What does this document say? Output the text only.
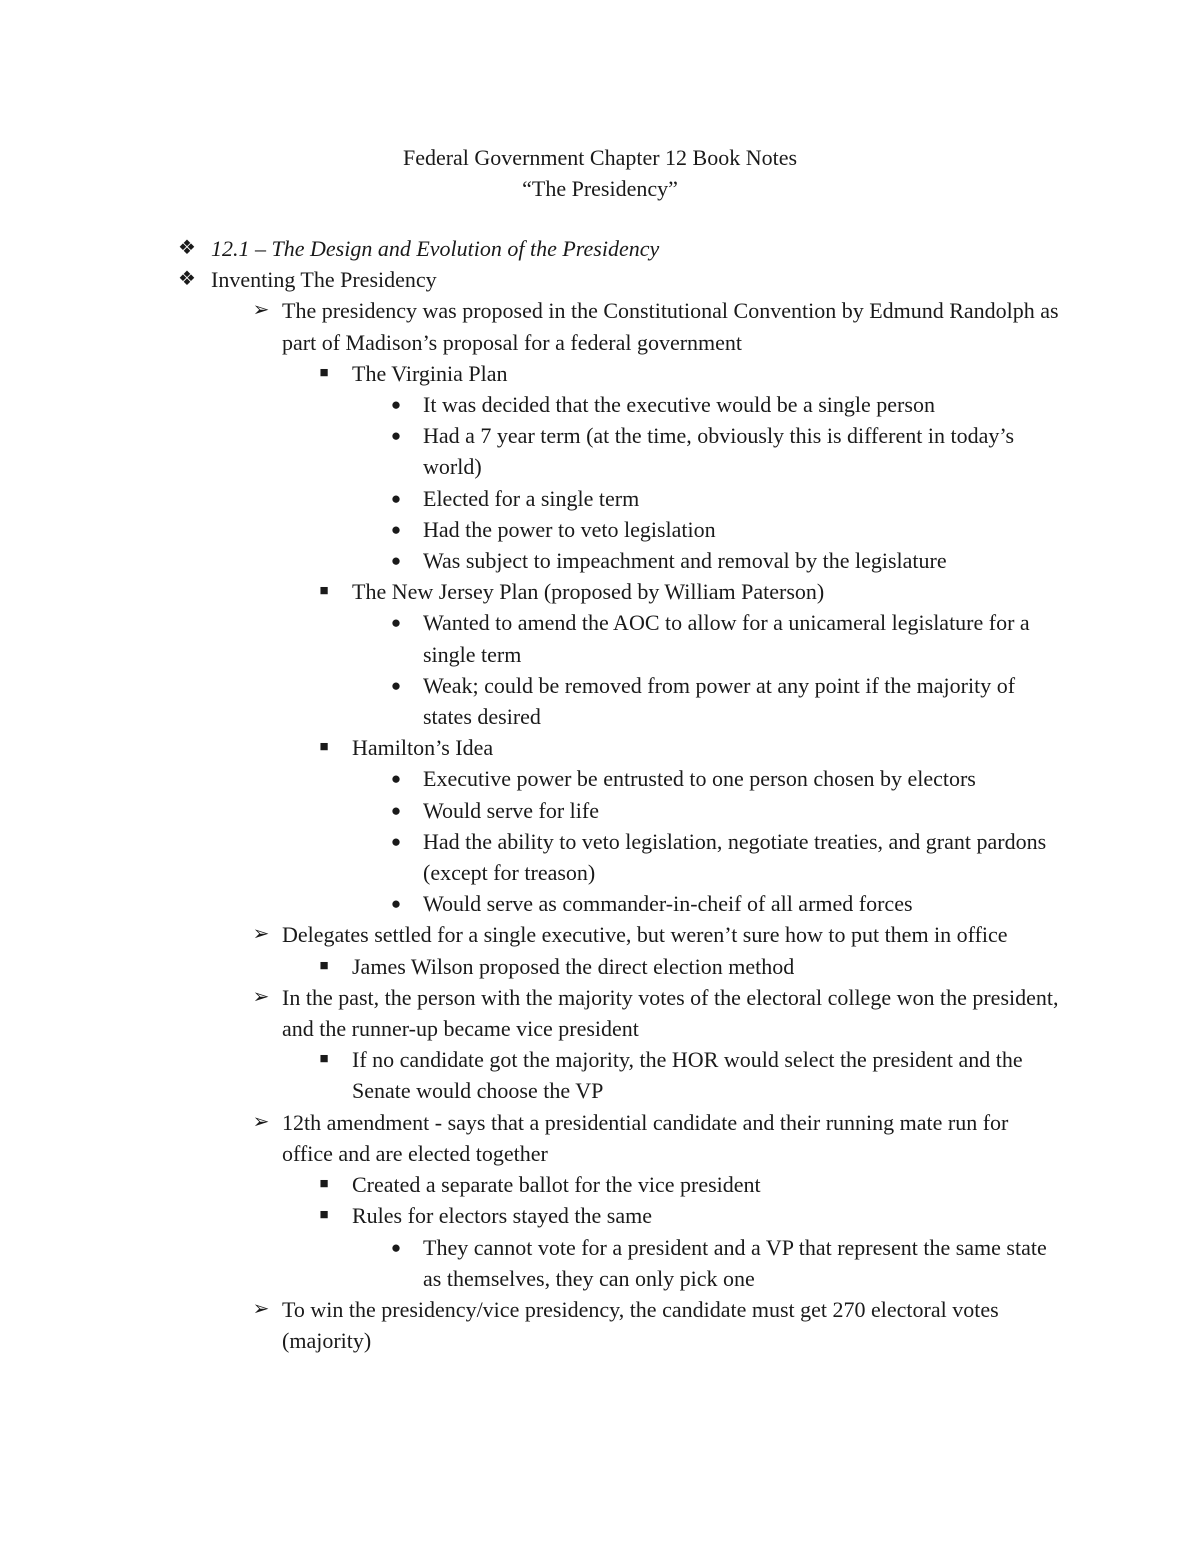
Federal Government Chapter 12 Book Notes
“The Presidency”
❖ 12.1 – The Design and Evolution of the Presidency
❖ Inventing The Presidency
➢ The presidency was proposed in the Constitutional Convention by Edmund Randolph as part of Madison’s proposal for a federal government
■	The Virginia Plan
● It was decided that the executive would be a single person
● Had a 7 year term (at the time, obviously this is different in today’s world)
● Elected for a single term
● Had the power to veto legislation
● Was subject to impeachment and removal by the legislature
■	The New Jersey Plan (proposed by William Paterson)
● Wanted to amend the AOC to allow for a unicameral legislature for a single term
● Weak; could be removed from power at any point if the majority of states desired
■	Hamilton’s Idea
● Executive power be entrusted to one person chosen by electors
● Would serve for life
● Had the ability to veto legislation, negotiate treaties, and grant pardons (except for treason)
● Would serve as commander-in-cheif of all armed forces
➢ Delegates settled for a single executive, but weren’t sure how to put them in office
■	James Wilson proposed the direct election method
➢ In the past, the person with the majority votes of the electoral college won the president, and the runner-up became vice president
■	If no candidate got the majority, the HOR would select the president and the Senate would choose the VP
➢ 12th amendment - says that a presidential candidate and their running mate run for office and are elected together
■	Created a separate ballot for the vice president
■	Rules for electors stayed the same
● They cannot vote for a president and a VP that represent the same state as themselves, they can only pick one
➢ To win the presidency/vice presidency, the candidate must get 270 electoral votes (majority)
